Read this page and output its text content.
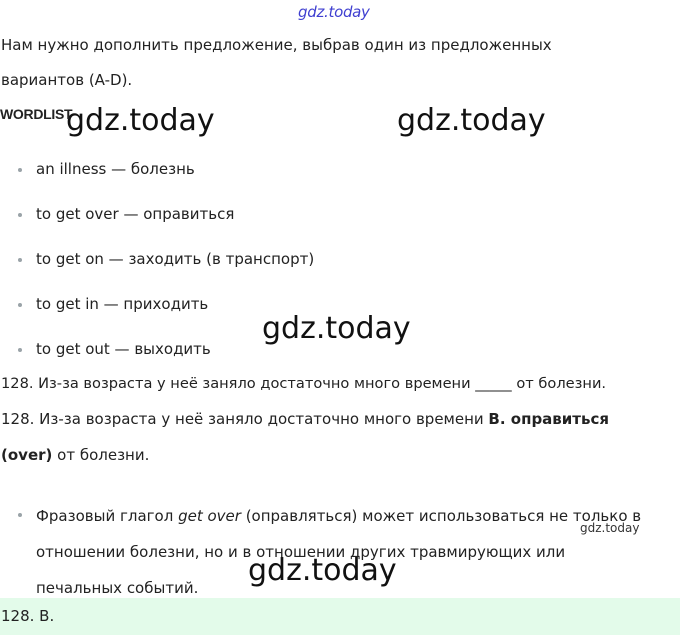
gdz.today
gdz.today	gdz.today
gdz.today
gdz.today
gdz.today
Нам нужно дополнить предложение, выбрав один из предложенных
вариантов (A-D).
WORDLIST
an illness — болезнь
to get over — оправиться
to get on — заходить (в транспорт)
to get in — приходить
to get out — выходить
128. Из-за возраста у неё заняло достаточно много времени _____ от болезни.
128. Из-за возраста у неё заняло достаточно много времени B. оправиться
(over) от болезни.
Фразовый глагол get over (оправляться) может использоваться не только в отношении болезни, но и в отношении других травмирующих или печальных событий.
128. B.
